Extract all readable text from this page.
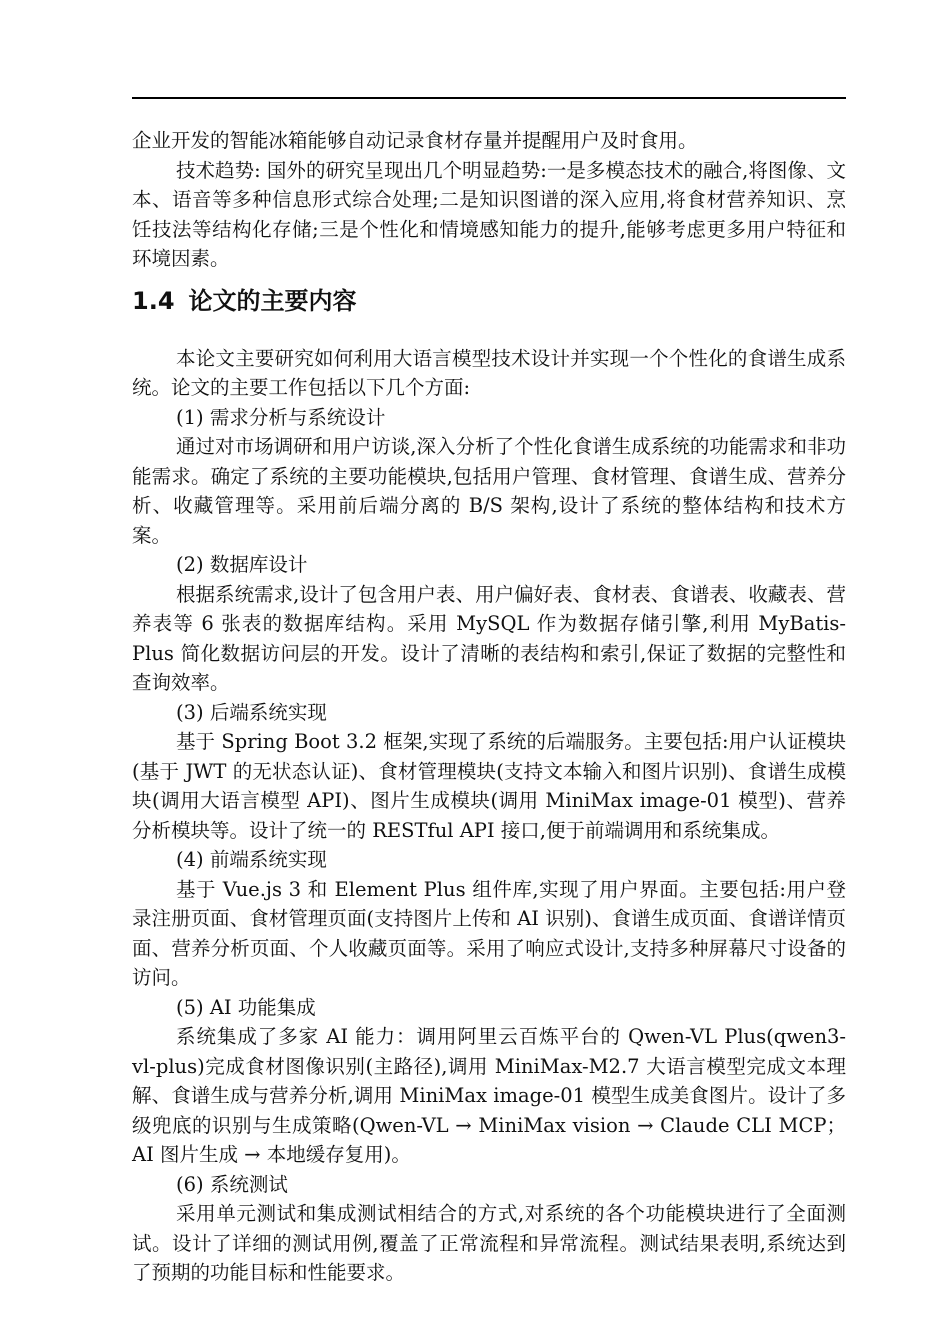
企业开发的智能冰箱能够自动记录食材存量并提醒用户及时食用。

技术趋势: 国外的研究呈现出几个明显趋势:一是多模态技术的融合,将图像、文本、语音等多种信息形式综合处理;二是知识图谱的深入应用,将食材营养知识、烹饪技法等结构化存储;三是个性化和情境感知能力的提升,能够考虑更多用户特征和环境因素。

1.4 论文的主要内容

本论文主要研究如何利用大语言模型技术设计并实现一个个性化的食谱生成系统。论文的主要工作包括以下几个方面:

(1) 需求分析与系统设计

通过对市场调研和用户访谈,深入分析了个性化食谱生成系统的功能需求和非功能需求。确定了系统的主要功能模块,包括用户管理、食材管理、食谱生成、营养分析、收藏管理等。采用前后端分离的 B/S 架构,设计了系统的整体结构和技术方案。

(2) 数据库设计

根据系统需求,设计了包含用户表、用户偏好表、食材表、食谱表、收藏表、营养表等 6 张表的数据库结构。采用 MySQL 作为数据存储引擎,利用 MyBatis-Plus 简化数据访问层的开发。设计了清晰的表结构和索引,保证了数据的完整性和查询效率。

(3) 后端系统实现

基于 Spring Boot 3.2 框架,实现了系统的后端服务。主要包括:用户认证模块(基于 JWT 的无状态认证)、食材管理模块(支持文本输入和图片识别)、食谱生成模块(调用大语言模型 API)、图片生成模块(调用 MiniMax image-01 模型)、营养分析模块等。设计了统一的 RESTful API 接口,便于前端调用和系统集成。

(4) 前端系统实现

基于 Vue.js 3 和 Element Plus 组件库,实现了用户界面。主要包括:用户登录注册页面、食材管理页面(支持图片上传和 AI 识别)、食谱生成页面、食谱详情页面、营养分析页面、个人收藏页面等。采用了响应式设计,支持多种屏幕尺寸设备的访问。

(5) AI 功能集成

系统集成了多家 AI 能力：调用阿里云百炼平台的 Qwen-VL Plus(qwen3-vl-plus)完成食材图像识别(主路径),调用 MiniMax-M2.7 大语言模型完成文本理解、食谱生成与营养分析,调用 MiniMax image-01 模型生成美食图片。设计了多级兜底的识别与生成策略(Qwen-VL → MiniMax vision → Claude CLI MCP；AI 图片生成 → 本地缓存复用)。

(6) 系统测试

采用单元测试和集成测试相结合的方式,对系统的各个功能模块进行了全面测试。设计了详细的测试用例,覆盖了正常流程和异常流程。测试结果表明,系统达到了预期的功能目标和性能要求。
